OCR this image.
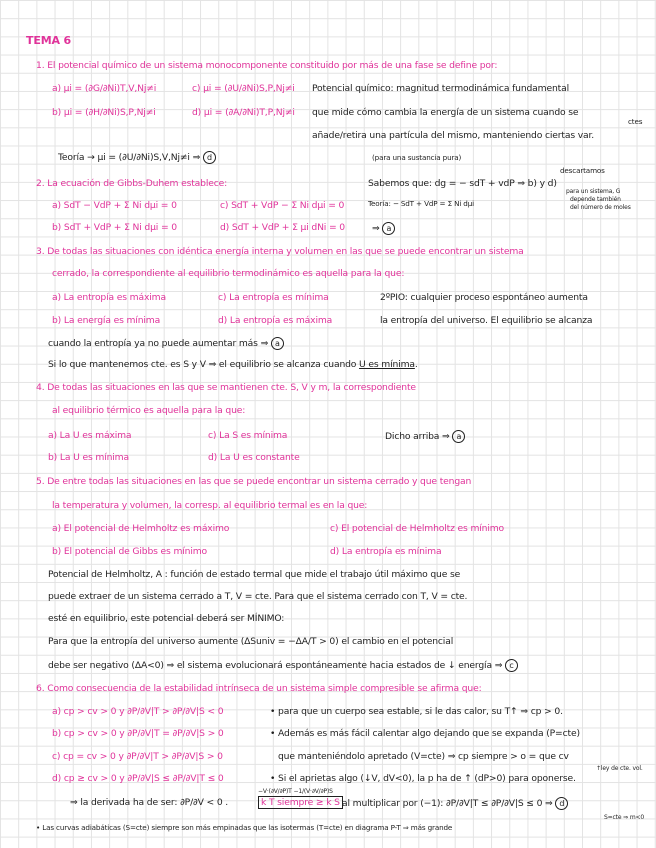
TEMA 6
1. El potencial químico de un sistema monocomponente constituido por más de una fase se define por:
a) μi = (∂G/∂Ni)T,V,Nj≠i	c) μi = (∂U/∂Ni)S,P,Nj≠i Potencial químico: magnitud termodinámica fundamental
b) μi = (∂H/∂Ni)S,P,Nj≠i	d) μi = (∂A/∂Ni)T,P,Nj≠i que mide cómo cambia la energía de un sistema cuando se
ctes
añade/retira una partícula del mismo, manteniendo ciertas var.
Teoría → μi = (∂U/∂Ni)S,V,Nj≠i ⇒ d	(para una sustancia pura)
descartamos
2. La ecuación de Gibbs-Duhem establece:	Sabemos que: dg = − sdT + vdP ⇒ b) y d)
para un sistema, G
a) SdT − VdP + Σ Ni dμi = 0	c) SdT + VdP − Σ Ni dμi = 0	Teoría: − SdT + VdP = Σ Ni dμi	depende también
del número de moles
b) SdT + VdP + Σ Ni dμi = 0	d) SdT + VdP + Σ μi dNi = 0	⇒ a
3. De todas las situaciones con idéntica energía interna y volumen en las que se puede encontrar un sistema
cerrado, la correspondiente al equilibrio termodinámico es aquella para la que:
a) La entropía es máxima	c) La entropía es mínima	2ºPIO: cualquier proceso espontáneo aumenta
b) La energía es mínima	d) La entropía es máxima	la entropía del universo. El equilibrio se alcanza
cuando la entropía ya no puede aumentar más ⇒ a
Si lo que mantenemos cte. es S y V ⇒ el equilibrio se alcanza cuando U es mínima.
4. De todas las situaciones en las que se mantienen cte. S, V y m, la correspondiente
al equilibrio térmico es aquella para la que:
a) La U es máxima	c) La S es mínima	Dicho arriba ⇒ a
b) La U es mínima	d) La U es constante
5. De entre todas las situaciones en las que se puede encontrar un sistema cerrado y que tengan
la temperatura y volumen, la corresp. al equilibrio termal es en la que:
a) El potencial de Helmholtz es máximo	c) El potencial de Helmholtz es mínimo
b) El potencial de Gibbs es mínimo	d) La entropía es mínima
Potencial de Helmholtz, A : función de estado termal que mide el trabajo útil máximo que se
puede extraer de un sistema cerrado a T, V = cte. Para que el sistema cerrado con T, V = cte.
esté en equilibrio, este potencial deberá ser MÍNIMO:
Para que la entropía del universo aumente (ΔSuniv = −ΔA/T > 0) el cambio en el potencial
debe ser negativo (ΔA<0) ⇒ el sistema evolucionará espontáneamente hacia estados de ↓ energía ⇒ c
6. Como consecuencia de la estabilidad intrínseca de un sistema simple compresible se afirma que:
a) cp > cv > 0 y ∂P/∂V|T > ∂P/∂V|S < 0	• para que un cuerpo sea estable, si le das calor, su T↑ ⇒ cp > 0.
b) cp > cv > 0 y ∂P/∂V|T = ∂P/∂V|S > 0	• Además es más fácil calentar algo dejando que se expanda (P=cte)
c) cp = cv > 0 y ∂P/∂V|T > ∂P/∂V|S > 0	que manteniéndolo apretado (V=cte) ⇒ cp siempre > o = que cv
↑ley de cte. vol.
d) cp ≥ cv > 0 y ∂P/∂V|S ≤ ∂P/∂V|T ≤ 0	• Si el aprietas algo (↓V, dV<0), la p ha de ↑ (dP>0) para oponerse.
−V·(∂V/∂P)T −1/(V·∂V/∂P)S
⇒ la derivada ha de ser: ∂P/∂V < 0 .	k T siempre ≥ k S al multiplicar por (−1): ∂P/∂V|T ≤ ∂P/∂V|S ≤ 0 ⇒ d
S=cte ⇒ m<0
• Las curvas adiabáticas (S=cte) siempre son más empinadas que las isotermas (T=cte) en diagrama P-T ⇒ más grande
